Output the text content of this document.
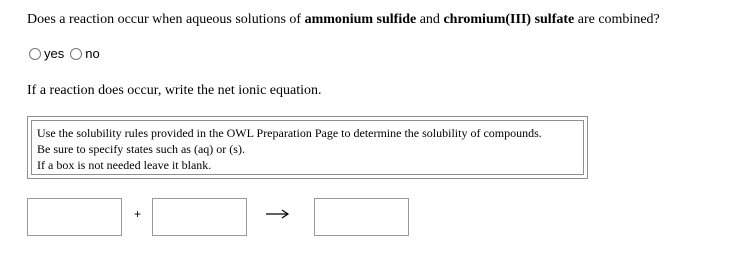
Does a reaction occur when aqueous solutions of ammonium sulfide and chromium(III) sulfate are combined?
yes no
If a reaction does occur, write the net ionic equation.
Use the solubility rules provided in the OWL Preparation Page to determine the solubility of compounds.
Be sure to specify states such as (aq) or (s).
If a box is not needed leave it blank.
+
